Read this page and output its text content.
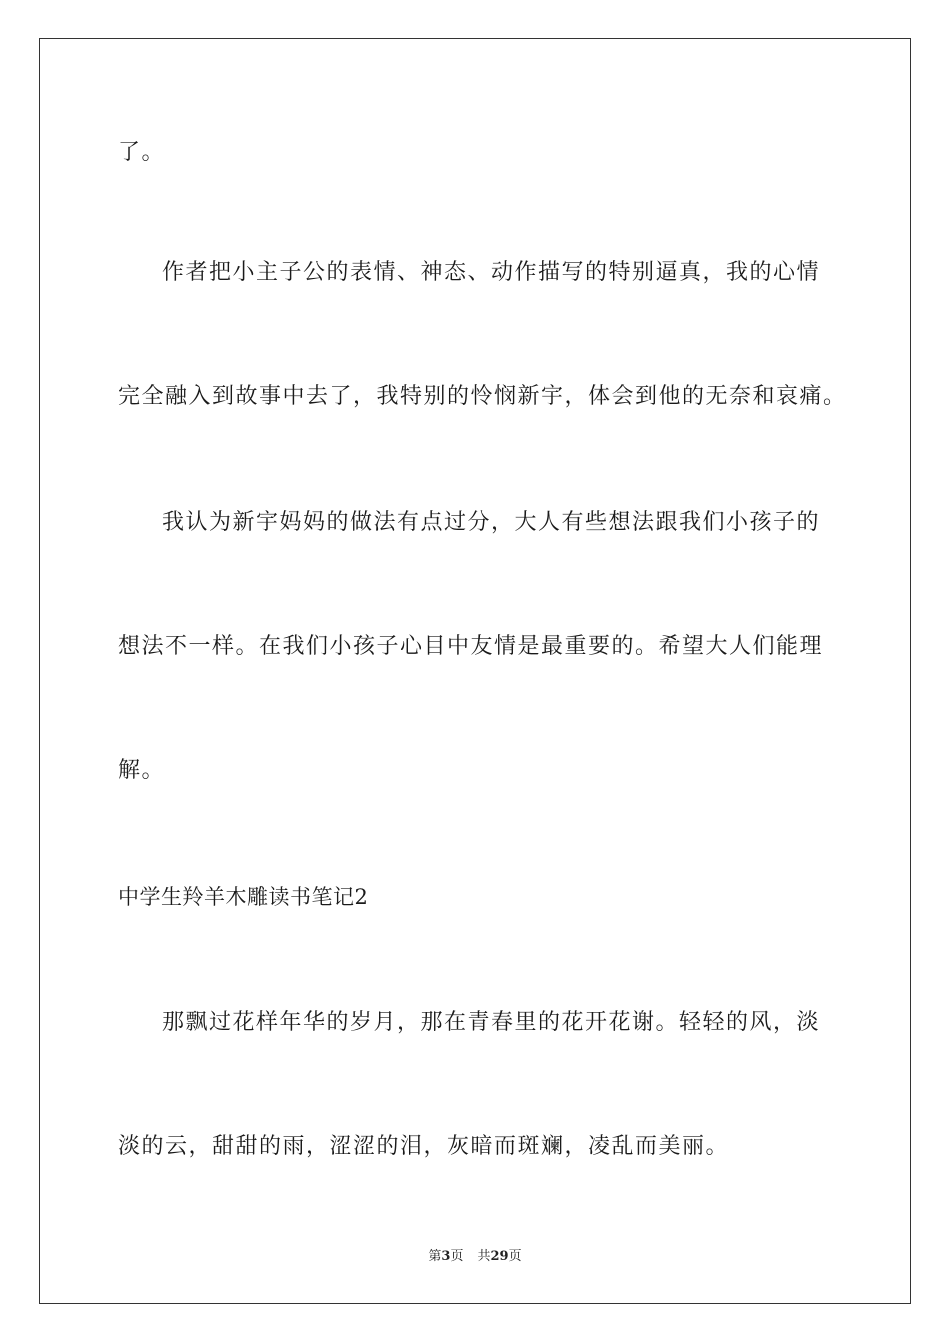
了。
作者把小主子公的表情、神态、动作描写的特别逼真，我的心情
完全融入到故事中去了，我特别的怜悯新宇，体会到他的无奈和哀痛。
我认为新宇妈妈的做法有点过分，大人有些想法跟我们小孩子的
想法不一样。在我们小孩子心目中友情是最重要的。希望大人们能理
解。
中学生羚羊木雕读书笔记2
那飘过花样年华的岁月，那在青春里的花开花谢。轻轻的风，淡
淡的云，甜甜的雨，涩涩的泪，灰暗而斑斓，凌乱而美丽。
第3页 共29页
